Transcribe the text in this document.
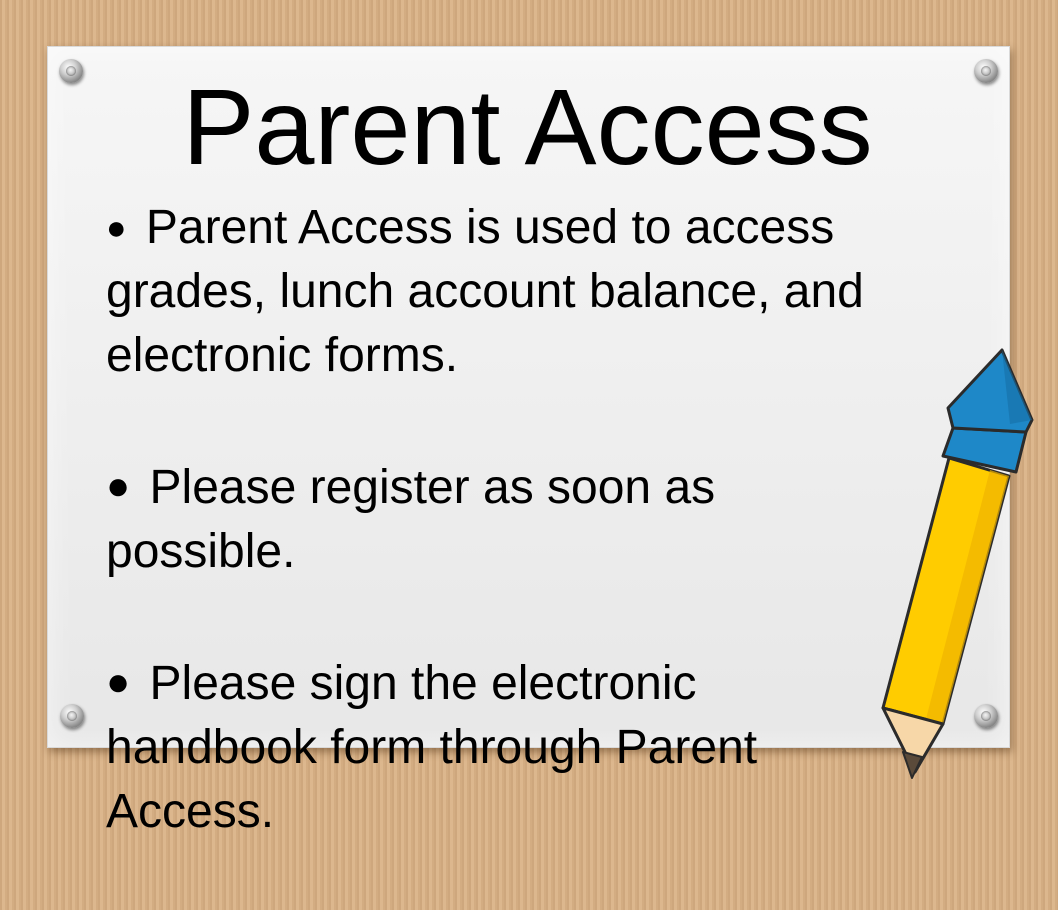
Parent Access

● Parent Access is used to access grades, lunch account balance, and electronic forms.

● Please register as soon as possible.

● Please sign the electronic handbook form through Parent Access.
